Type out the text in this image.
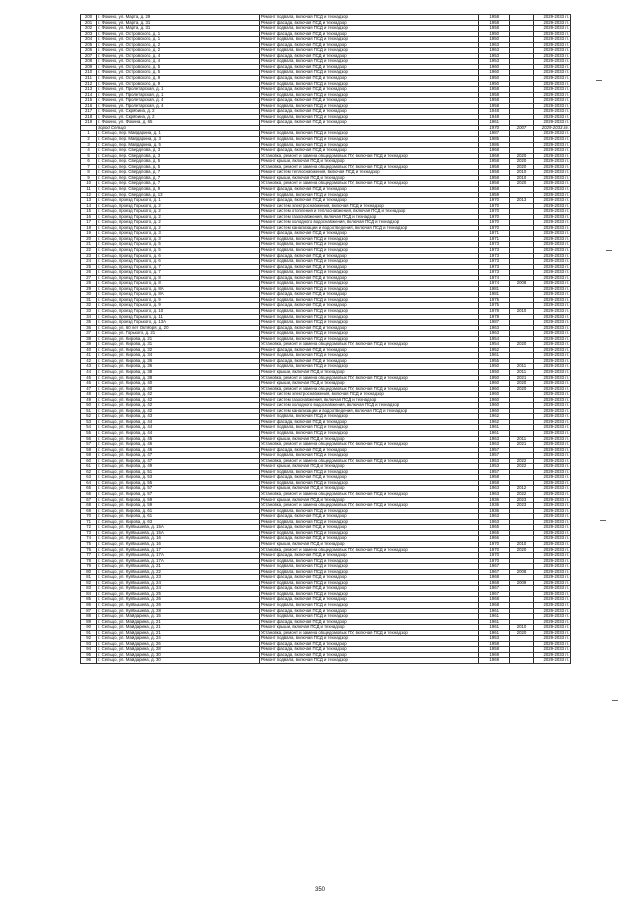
200	г. Фокино, ул. Марта, д. 29	Ремонт подвала, включая ПСД и технадзор	1958		2029-2033 гг.
201	г. Фокино, ул. Марта, д. 31	Ремонт фасада, включая ПСД и технадзор	1958		2029-2033 гг.
202	г. Фокино, ул. Марта, д. 31	Ремонт подвала, включая ПСД и технадзор	1958		2029-2033 гг.
203	г. Фокино, ул. Островского, д. 1	Ремонт фасада, включая ПСД и технадзор	1950		2029-2033 гг.
204	г. Фокино, ул. Островского, д. 1	Ремонт подвала, включая ПСД и технадзор	1950		2029-2033 гг.
205	г. Фокино, ул. Островского, д. 2	Ремонт фасада, включая ПСД и технадзор	1963		2029-2033 гг.
206	г. Фокино, ул. Островского, д. 2	Ремонт подвала, включая ПСД и технадзор	1963		2029-2033 гг.
207	г. Фокино, ул. Островского, д. 4	Ремонт фасада, включая ПСД и технадзор	1953		2029-2033 гг.
208	г. Фокино, ул. Островского, д. 4	Ремонт подвала, включая ПСД и технадзор	1953		2029-2033 гг.
209	г. Фокино, ул. Островского, д. 5	Ремонт фасада, включая ПСД и технадзор	1960		2029-2033 гг.
210	г. Фокино, ул. Островского, д. 5	Ремонт подвала, включая ПСД и технадзор	1960		2029-2033 гг.
211	г. Фокино, ул. Островского, д. 9	Ремонт фасада, включая ПСД и технадзор	1950		2029-2033 гг.
212	г. Фокино, ул. Островского, д. 9	Ремонт подвала, включая ПСД и технадзор	1950		2029-2033 гг.
213	г. Фокино, ул. Пролетарская, д. 1	Ремонт фасада, включая ПСД и технадзор	1958		2029-2033 гг.
214	г. Фокино, ул. Пролетарская, д. 1	Ремонт подвала, включая ПСД и технадзор	1958		2029-2033 гг.
215	г. Фокино, ул. Пролетарская, д. 4	Ремонт фасада, включая ПСД и технадзор	1958		2029-2033 гг.
216	г. Фокино, ул. Пролетарская, д. 4	Ремонт подвала, включая ПСД и технадзор	1958		2029-2033 гг.
217	г. Фокино, ул. Скрябина, д. 2	Ремонт фасада, включая ПСД и технадзор	1948		2029-2033 гг.
218	г. Фокино, ул. Скрябина, д. 2	Ремонт подвала, включая ПСД и технадзор	1948		2029-2033 гг.
219	г. Фокино, ул. Фокина, д. 65	Ремонт фасада, включая ПСД и технадзор	1961		2029-2033 гг.
	город Сельцо		1970	2007	2029-2033 гг.
1	г. Сельцо, пер. Майдарина, д. 1	Ремонт подвала, включая ПСД и технадзор	1987		2029-2033 гг.
2	г. Сельцо, пер. Майдарина, д. 3	Ремонт подвала, включая ПСД и технадзор	1985		2029-2033 гг.
3	г. Сельцо, пер. Майдарина, д. 5	Ремонт подвала, включая ПСД и технадзор	1986		2029-2033 гг.
4	г. Сельцо, пер. Свердлова, д. 3	Ремонт фасада, включая ПСД и технадзор	1968		2029-2033 гг.
5	г. Сельцо, пер. Свердлова, д. 3	Установка, ремонт и замена общедомовых ПУ, включая ПСД и технадзор	1968	2020	2029-2033 гг.
6	г. Сельцо, пер. Свердлова, д. 5	Ремонт крыши, включая ПСД и технадзор	1958	2020	2029-2033 гг.
7	г. Сельцо, пер. Свердлова, д. 5	Установка, ремонт и замена общедомовых ПУ, включая ПСД и технадзор	1958	2020	2029-2033 гг.
8	г. Сельцо, пер. Свердлова, д. 7	Ремонт систем теплоснабжения, включая ПСД и технадзор	1958	2010	2029-2033 гг.
9	г. Сельцо, пер. Свердлова, д. 7	Ремонт крыши, включая ПСД и технадзор	1958	2010	2029-2033 гг.
10	г. Сельцо, пер. Свердлова, д. 7	Установка, ремонт и замена общедомовых ПУ, включая ПСД и технадзор	1958	2020	2029-2033 гг.
11	г. Сельцо, пер. Свердлова, д. 9	Ремонт фасада, включая ПСД и технадзор	1958		2029-2033 гг.
12	г. Сельцо, пер. Свердлова, д. 13	Ремонт подвала, включая ПСД и технадзор	1959		2029-2033 гг.
13	г. Сельцо, проезд Горького, д. 1	Ремонт фасада, включая ПСД и технадзор	1970	2013	2029-2033 гг.
14	г. Сельцо, проезд Горького, д. 2	Ремонт систем электроснабжения, включая ПСД и технадзор	1970		2029-2033 гг.
15	г. Сельцо, проезд Горького, д. 2	Ремонт систем отопления и теплоснабжения, включая ПСД и технадзор	1970		2029-2033 гг.
16	г. Сельцо, проезд Горького, д. 2	Ремонт систем газоснабжения, включая ПСД и технадзор	1970		2029-2033 гг.
17	г. Сельцо, проезд Горького, д. 2	Ремонт систем холодного водоснабжения, включая ПСД и технадзор	1970		2029-2033 гг.
18	г. Сельцо, проезд Горького, д. 2	Ремонт систем канализации и водоотведения, включая ПСД и технадзор	1970		2029-2033 гг.
19	г. Сельцо, проезд Горького, д. 3	Ремонт фасада, включая ПСД и технадзор	1971		2029-2033 гг.
20	г. Сельцо, проезд Горького, д. 3	Ремонт подвала, включая ПСД и технадзор	1971		2029-2033 гг.
21	г. Сельцо, проезд Горького, д. 5	Ремонт подвала, включая ПСД и технадзор	1973		2029-2033 гг.
22	г. Сельцо, проезд Горького, д. 5	Ремонт подвала, включая ПСД и технадзор	1973		2029-2033 гг.
23	г. Сельцо, проезд Горького, д. 6	Ремонт фасада, включая ПСД и технадзор	1973		2029-2033 гг.
24	г. Сельцо, проезд Горького, д. 6	Ремонт подвала, включая ПСД и технадзор	1973		2029-2033 гг.
25	г. Сельцо, проезд Горького, д. 7	Ремонт фасада, включая ПСД и технадзор	1973		2029-2033 гг.
26	г. Сельцо, проезд Горького, д. 7	Ремонт подвала, включая ПСД и технадзор	1973		2029-2033 гг.
27	г. Сельцо, проезд Горького, д. 8	Ремонт фасада, включая ПСД и технадзор	1974		2029-2033 гг.
28	г. Сельцо, проезд Горького, д. 8	Ремонт подвала, включая ПСД и технадзор	1974	2008	2029-2033 гг.
29	г. Сельцо, проезд Горького, д. 8А	Ремонт подвала, включая ПСД и технадзор	1981		2029-2033 гг.
30	г. Сельцо, проезд Горького, д. 8А	Ремонт фасада, включая ПСД и технадзор	1981		2029-2033 гг.
31	г. Сельцо, проезд Горького, д. 9	Ремонт подвала, включая ПСД и технадзор	1975		2029-2033 гг.
32	г. Сельцо, проезд Горького, д. 9	Ремонт фасада, включая ПСД и технадзор	1975		2029-2033 гг.
33	г. Сельцо, проезд Горького, д. 10	Ремонт подвала, включая ПСД и технадзор	1978	2010	2029-2033 гг.
34	г. Сельцо, проезд Горького, д. 11	Ремонт подвала, включая ПСД и технадзор	1978		2029-2033 гг.
35	г. Сельцо, проезд Горького, д. 13А	Ремонт подвала, включая ПСД и технадзор	1987		2029-2033 гг.
36	г. Сельцо, ул. 60 лет Октября, д. 20	Ремонт фасада, включая ПСД и технадзор	1963		2029-2033 гг.
37	г. Сельцо, ул. Горького, д. 21	Ремонт подвала, включая ПСД и технадзор	1963		2029-2033 гг.
38	г. Сельцо, ул. Кирова, д. 21	Ремонт подвала, включая ПСД и технадзор	1954		2029-2033 гг.
39	г. Сельцо, ул. Кирова, д. 31	Установка, ремонт и замена общедомовых ПУ, включая ПСД и технадзор	1954	2020	2029-2033 гг.
40	г. Сельцо, ул. Кирова, д. 32	Ремонт фасада, включая ПСД и технадзор	1952		2029-2033 гг.
41	г. Сельцо, ул. Кирова, д. 34	Ремонт подвала, включая ПСД и технадзор	1961		2029-2033 гг.
42	г. Сельцо, ул. Кирова, д. 36	Ремонт фасада, включая ПСД и технадзор	1955		2029-2033 гг.
43	г. Сельцо, ул. Кирова, д. 36	Ремонт подвала, включая ПСД и технадзор	1950	2011	2029-2033 гг.
44	г. Сельцо, ул. Кирова, д. 38	Ремонт крыши, включая ПСД и технадзор	1950	2011	2029-2033 гг.
45	г. Сельцо, ул. Кирова, д. 38	Установка, ремонт и замена общедомовых ПУ, включая ПСД и технадзор	1950	2021	2029-2033 гг.
46	г. Сельцо, ул. Кирова, д. 40	Ремонт крыши, включая ПСД и технадзор	1960	2020	2029-2033 гг.
47	г. Сельцо, ул. Кирова, д. 40	Установка, ремонт и замена общедомовых ПУ, включая ПСД и технадзор	1960	2020	2029-2033 гг.
48	г. Сельцо, ул. Кирова, д. 42	Ремонт систем электроснабжения, включая ПСД и технадзор	1960		2029-2033 гг.
49	г. Сельцо, ул. Кирова, д. 42	Ремонт систем газоснабжения, включая ПСД и технадзор	1960		2029-2033 гг.
50	г. Сельцо, ул. Кирова, д. 42	Ремонт систем холодного водоснабжения, включая ПСД и технадзор	1960		2029-2033 гг.
51	г. Сельцо, ул. Кирова, д. 42	Ремонт систем канализации и водоотведения, включая ПСД и технадзор	1960		2029-2033 гг.
52	г. Сельцо, ул. Кирова, д. 43	Ремонт подвала, включая ПСД и технадзор	1962		2029-2033 гг.
53	г. Сельцо, ул. Кирова, д. 44	Ремонт фасада, включая ПСД и технадзор	1962		2029-2033 гг.
54	г. Сельцо, ул. Кирова, д. 44	Ремонт подвала, включая ПСД и технадзор	1961		2029-2033 гг.
55	г. Сельцо, ул. Кирова, д. 44	Ремонт подвала, включая ПСД и технадзор	1961		2029-2033 гг.
56	г. Сельцо, ул. Кирова, д. 45	Ремонт крыши, включая ПСД и технадзор	1963	2011	2029-2033 гг.
57	г. Сельцо, ул. Кирова, д. 46	Установка, ремонт и замена общедомовых ПУ, включая ПСД и технадзор	1963	2021	2029-2033 гг.
58	г. Сельцо, ул. Кирова, д. 46	Ремонт фасада, включая ПСД и технадзор	1957		2029-2033 гг.
59	г. Сельцо, ул. Кирова, д. 47	Ремонт подвала, включая ПСД и технадзор	1957		2029-2033 гг.
60	г. Сельцо, ул. Кирова, д. 47	Установка, ремонт и замена общедомовых ПУ, включая ПСД и технадзор	1953	2022	2029-2033 гг.
61	г. Сельцо, ул. Кирова, д. 49	Ремонт крыши, включая ПСД и технадзор	1953	2022	2029-2033 гг.
62	г. Сельцо, ул. Кирова, д. 51	Ремонт подвала, включая ПСД и технадзор	1957		2029-2033 гг.
63	г. Сельцо, ул. Кирова, д. 53	Ремонт фасада, включая ПСД и технадзор	1958		2029-2033 гг.
64	г. Сельцо, ул. Кирова, д. 55	Ремонт подвала, включая ПСД и технадзор	1958		2029-2033 гг.
65	г. Сельцо, ул. Кирова, д. 57	Ремонт крыши, включая ПСД и технадзор	1963	2012	2029-2033 гг.
66	г. Сельцо, ул. Кирова, д. 57	Установка, ремонт и замена общедомовых ПУ, включая ПСД и технадзор	1963	2022	2029-2033 гг.
67	г. Сельцо, ул. Кирова, д. 59	Ремонт крыши, включая ПСД и технадзор	1936	2023	2029-2033 гг.
68	г. Сельцо, ул. Кирова, д. 59	Установка, ремонт и замена общедомовых ПУ, включая ПСД и технадзор	1936	2023	2029-2033 гг.
69	г. Сельцо, ул. Кирова, д. 61	Ремонт подвала, включая ПСД и технадзор	1936		2029-2033 гг.
70	г. Сельцо, ул. Кирова, д. 61	Ремонт фасада, включая ПСД и технадзор	1963		2029-2033 гг.
71	г. Сельцо, ул. Кирова, д. 63	Ремонт подвала, включая ПСД и технадзор	1963		2029-2033 гг.
72	г. Сельцо, ул. Куйбышева, д. 15А	Ремонт фасада, включая ПСД и технадзор	1965		2029-2033 гг.
73	г. Сельцо, ул. Куйбышева, д. 15А	Ремонт подвала, включая ПСД и технадзор	1965		2029-2033 гг.
74	г. Сельцо, ул. Куйбышева, д. 16	Ремонт фасада, включая ПСД и технадзор	1966		2029-2033 гг.
75	г. Сельцо, ул. Куйбышева, д. 16	Ремонт крыши, включая ПСД и технадзор	1970	2010	2029-2033 гг.
76	г. Сельцо, ул. Куйбышева, д. 17	Установка, ремонт и замена общедомовых ПУ, включая ПСД и технадзор	1970	2020	2029-2033 гг.
77	г. Сельцо, ул. Куйбышева, д. 17А	Ремонт фасада, включая ПСД и технадзор	1970		2029-2033 гг.
78	г. Сельцо, ул. Куйбышева, д. 17А	Ремонт подвала, включая ПСД и технадзор	1970		2029-2033 гг.
79	г. Сельцо, ул. Куйбышева, д. 21	Ремонт подвала, включая ПСД и технадзор	1967		2029-2033 гг.
80	г. Сельцо, ул. Куйбышева, д. 22	Ремонт подвала, включая ПСД и технадзор	1967	2008	2029-2033 гг.
81	г. Сельцо, ул. Куйбышева, д. 23	Ремонт фасада, включая ПСД и технадзор	1968		2029-2033 гг.
82	г. Сельцо, ул. Куйбышева, д. 24	Ремонт подвала, включая ПСД и технадзор	1968	2009	2029-2033 гг.
83	г. Сельцо, ул. Куйбышева, д. 24	Ремонт фасада, включая ПСД и технадзор	1967		2029-2033 гг.
84	г. Сельцо, ул. Куйбышева, д. 25	Ремонт подвала, включая ПСД и технадзор	1967		2029-2033 гг.
85	г. Сельцо, ул. Куйбышева, д. 26	Ремонт фасада, включая ПСД и технадзор	1968		2029-2033 гг.
86	г. Сельцо, ул. Куйбышева, д. 26	Ремонт подвала, включая ПСД и технадзор	1968		2029-2033 гг.
87	г. Сельцо, ул. Куйбышева, д. 28	Ремонт фасада, включая ПСД и технадзор	1961		2029-2033 гг.
88	г. Сельцо, ул. Майдарина, д. 15	Ремонт подвала, включая ПСД и технадзор	1961		2029-2033 гг.
89	г. Сельцо, ул. Майдарина, д. 21	Ремонт фасада, включая ПСД и технадзор	1961		2029-2033 гг.
90	г. Сельцо, ул. Майдарина, д. 21	Ремонт крыши, включая ПСД и технадзор	1961	2010	2029-2033 гг.
91	г. Сельцо, ул. Майдарина, д. 21	Установка, ремонт и замена общедомовых ПУ, включая ПСД и технадзор	1961	2020	2029-2033 гг.
92	г. Сельцо, ул. Майдарина, д. 24	Ремонт подвала, включая ПСД и технадзор	1953		2029-2033 гг.
93	г. Сельцо, ул. Майдарина, д. 26	Ремонт фасада, включая ПСД и технадзор	1958		2029-2033 гг.
94	г. Сельцо, ул. Майдарина, д. 28	Ремонт фасада, включая ПСД и технадзор	1958		2029-2033 гг.
95	г. Сельцо, ул. Майдарина, д. 30	Ремонт фасада, включая ПСД и технадзор	1969		2029-2033 гг.
96	г. Сельцо, ул. Майдарина, д. 30	Ремонт подвала, включая ПСД и технадзор	1969		2029-2033 гг.
350
